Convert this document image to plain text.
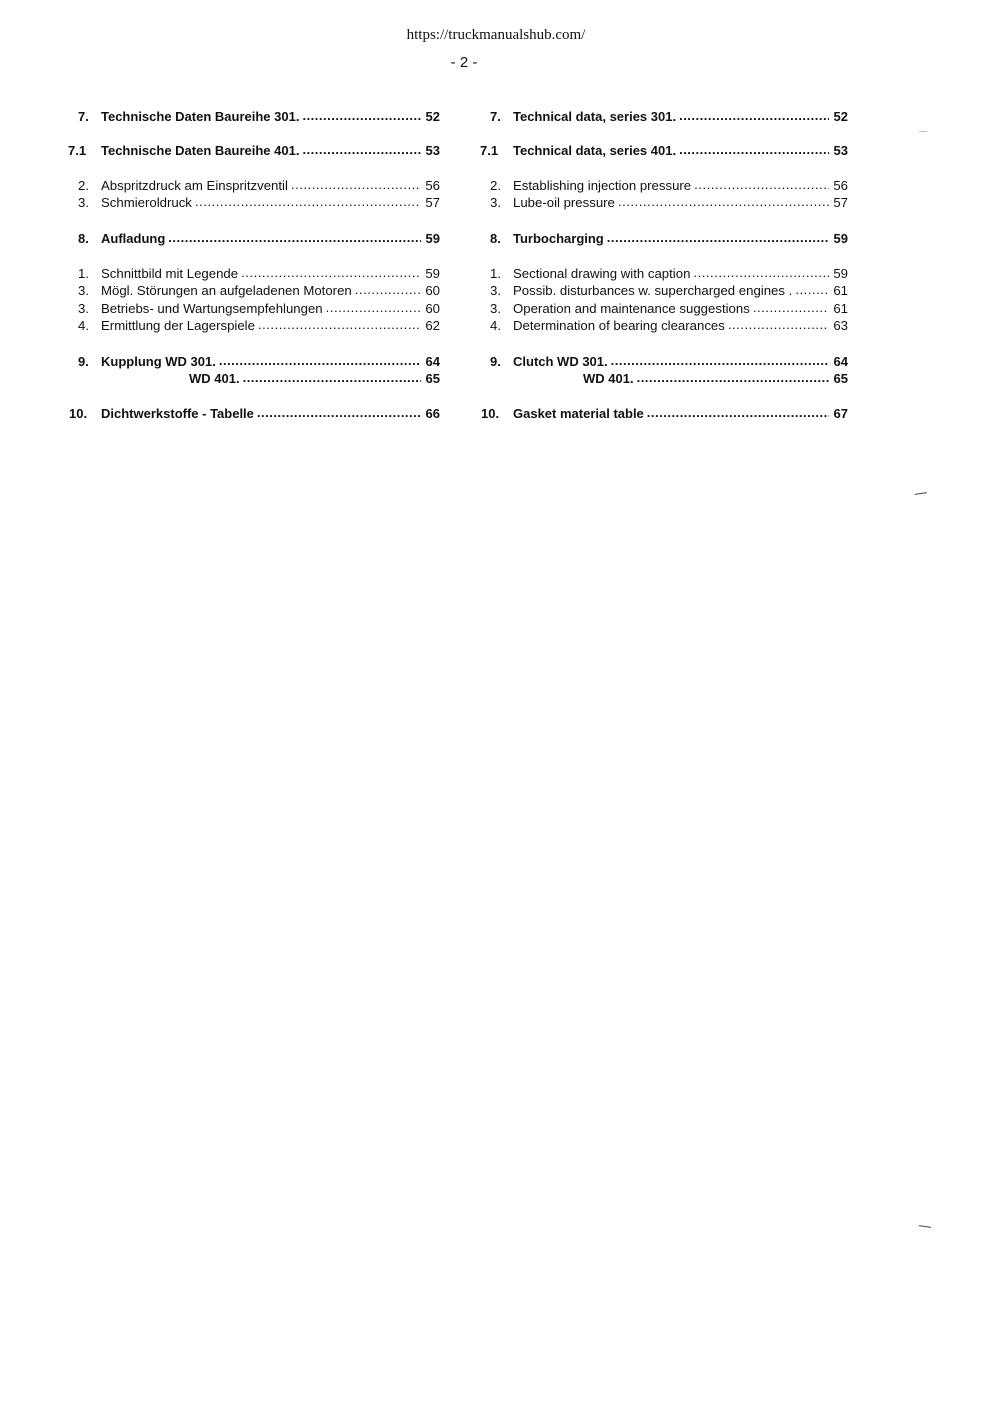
https://truckmanualshub.com/
- 2 -
7. Technische Daten Baureihe 301. .....	52
7.1	Technische Daten Baureihe 401. .....	53
2. Abspritzdruck am Einspritzventil .....	56
3. Schmieroldruck .....	57
8. Aufladung .....	59
1. Schnittbild mit Legende .....	59
3. Mögl. Störungen an aufgeladenen Motoren .....	60
3. Betriebs- und Wartungsempfehlungen .....	60
4. Ermittlung der Lagerspiele .....	62
9. Kupplung WD 301. .....	64
WD 401. .....	65
10.	Dichtwerkstoffe - Tabelle .....	66
7. Technical data, series 301. .....	52
7.1	Technical data, series 401. .....	53
2. Establishing injection pressure .....	56
3. Lube-oil pressure .....	57
8. Turbocharging .....	59
1. Sectional drawing with caption .....	59
3. Possib. disturbances w. supercharged engines . .....	61
3. Operation and maintenance suggestions .....	61
4. Determination of bearing clearances .....	63
9. Clutch WD 301. .....	64
WD 401. .....	65
10.	Gasket material table .....	67
